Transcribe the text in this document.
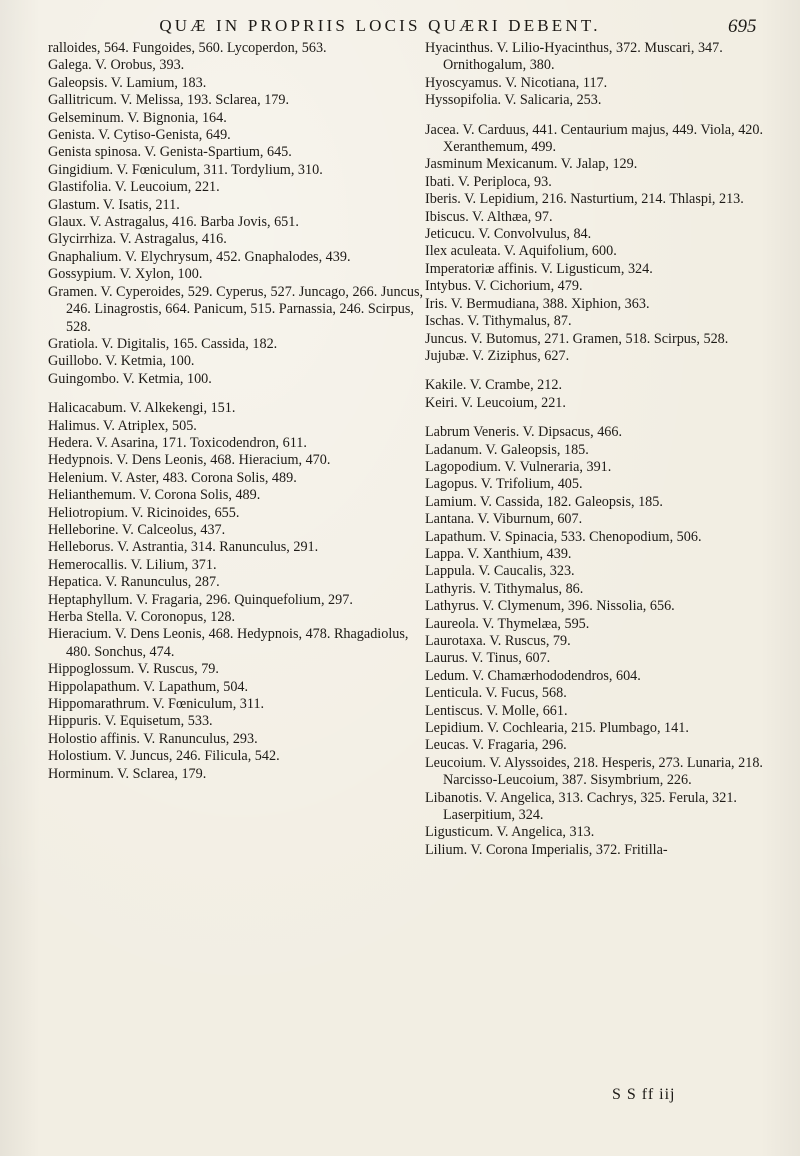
QUÆ IN PROPRIIS LOCIS QUÆRI DEBENT.	695
ralloides, 564. Fungoides, 560. Lycoperdon, 563.
Galega. V. Orobus, 393.
Galeopsis. V. Lamium, 183.
Gallitricum. V. Melissa, 193. Sclarea, 179.
Gelseminum. V. Bignonia, 164.
Genista. V. Cytiso-Genista, 649.
Genista spinosa. V. Genista-Spartium, 645.
Gingidium. V. Fœniculum, 311. Tordylium, 310.
Glastifolia. V. Leucoium, 221.
Glastum. V. Isatis, 211.
Glaux. V. Astragalus, 416. Barba Jovis, 651.
Glycirrhiza. V. Astragalus, 416.
Gnaphalium. V. Elychrysum, 452. Gnaphalodes, 439.
Gossypium. V. Xylon, 100.
Gramen. V. Cyperoides, 529. Cyperus, 527. Juncago, 266. Juncus, 246. Linagrostis, 664. Panicum, 515. Parnassia, 246. Scirpus, 528.
Gratiola. V. Digitalis, 165. Cassida, 182.
Guillobo. V. Ketmia, 100.
Guingombo. V. Ketmia, 100.
Halicacabum. V. Alkekengi, 151.
Halimus. V. Atriplex, 505.
Hedera. V. Asarina, 171. Toxicodendron, 611.
Hedypnois. V. Dens Leonis, 468. Hieracium, 470.
Helenium. V. Aster, 483. Corona Solis, 489.
Helianthemum. V. Corona Solis, 489.
Heliotropium. V. Ricinoides, 655.
Helleborine. V. Calceolus, 437.
Helleborus. V. Astrantia, 314. Ranunculus, 291.
Hemerocallis. V. Lilium, 371.
Hepatica. V. Ranunculus, 287.
Heptaphyllum. V. Fragaria, 296. Quinquefolium, 297.
Herba Stella. V. Coronopus, 128.
Hieracium. V. Dens Leonis, 468. Hedypnois, 478. Rhagadiolus, 480. Sonchus, 474.
Hippoglossum. V. Ruscus, 79.
Hippolapathum. V. Lapathum, 504.
Hippomarathrum. V. Fœniculum, 311.
Hippuris. V. Equisetum, 533.
Holostio affinis. V. Ranunculus, 293.
Holostium. V. Juncus, 246. Filicula, 542.
Horminum. V. Sclarea, 179.
Hyacinthus. V. Lilio-Hyacinthus, 372. Muscari, 347. Ornithogalum, 380.
Hyoscyamus. V. Nicotiana, 117.
Hyssopifolia. V. Salicaria, 253.
Jacea. V. Carduus, 441. Centaurium majus, 449. Viola, 420. Xeranthemum, 499.
Jasminum Mexicanum. V. Jalap, 129.
Ibati. V. Periploca, 93.
Iberis. V. Lepidium, 216. Nasturtium, 214. Thlaspi, 213.
Ibiscus. V. Althæa, 97.
Jeticucu. V. Convolvulus, 84.
Ilex aculeata. V. Aquifolium, 600.
Imperatoriæ affinis. V. Ligusticum, 324.
Intybus. V. Cichorium, 479.
Iris. V. Bermudiana, 388. Xiphion, 363.
Ischas. V. Tithymalus, 87.
Juncus. V. Butomus, 271. Gramen, 518. Scirpus, 528.
Jujubæ. V. Ziziphus, 627.
Kakile. V. Crambe, 212.
Keiri. V. Leucoium, 221.
Labrum Veneris. V. Dipsacus, 466.
Ladanum. V. Galeopsis, 185.
Lagopodium. V. Vulneraria, 391.
Lagopus. V. Trifolium, 405.
Lamium. V. Cassida, 182. Galeopsis, 185.
Lantana. V. Viburnum, 607.
Lapathum. V. Spinacia, 533. Chenopodium, 506.
Lappa. V. Xanthium, 439.
Lappula. V. Caucalis, 323.
Lathyris. V. Tithymalus, 86.
Lathyrus. V. Clymenum, 396. Nissolia, 656.
Laureola. V. Thymelæa, 595.
Laurotaxa. V. Ruscus, 79.
Laurus. V. Tinus, 607.
Ledum. V. Chamærhododendros, 604.
Lenticula. V. Fucus, 568.
Lentiscus. V. Molle, 661.
Lepidium. V. Cochlearia, 215. Plumbago, 141.
Leucas. V. Fragaria, 296.
Leucoium. V. Alyssoides, 218. Hesperis, 273. Lunaria, 218. Narcisso-Leucoium, 387. Sisymbrium, 226.
Libanotis. V. Angelica, 313. Cachrys, 325. Ferula, 321. Laserpitium, 324.
Ligusticum. V. Angelica, 313.
Lilium. V. Corona Imperialis, 372. Fritilla-
S S ff iij
